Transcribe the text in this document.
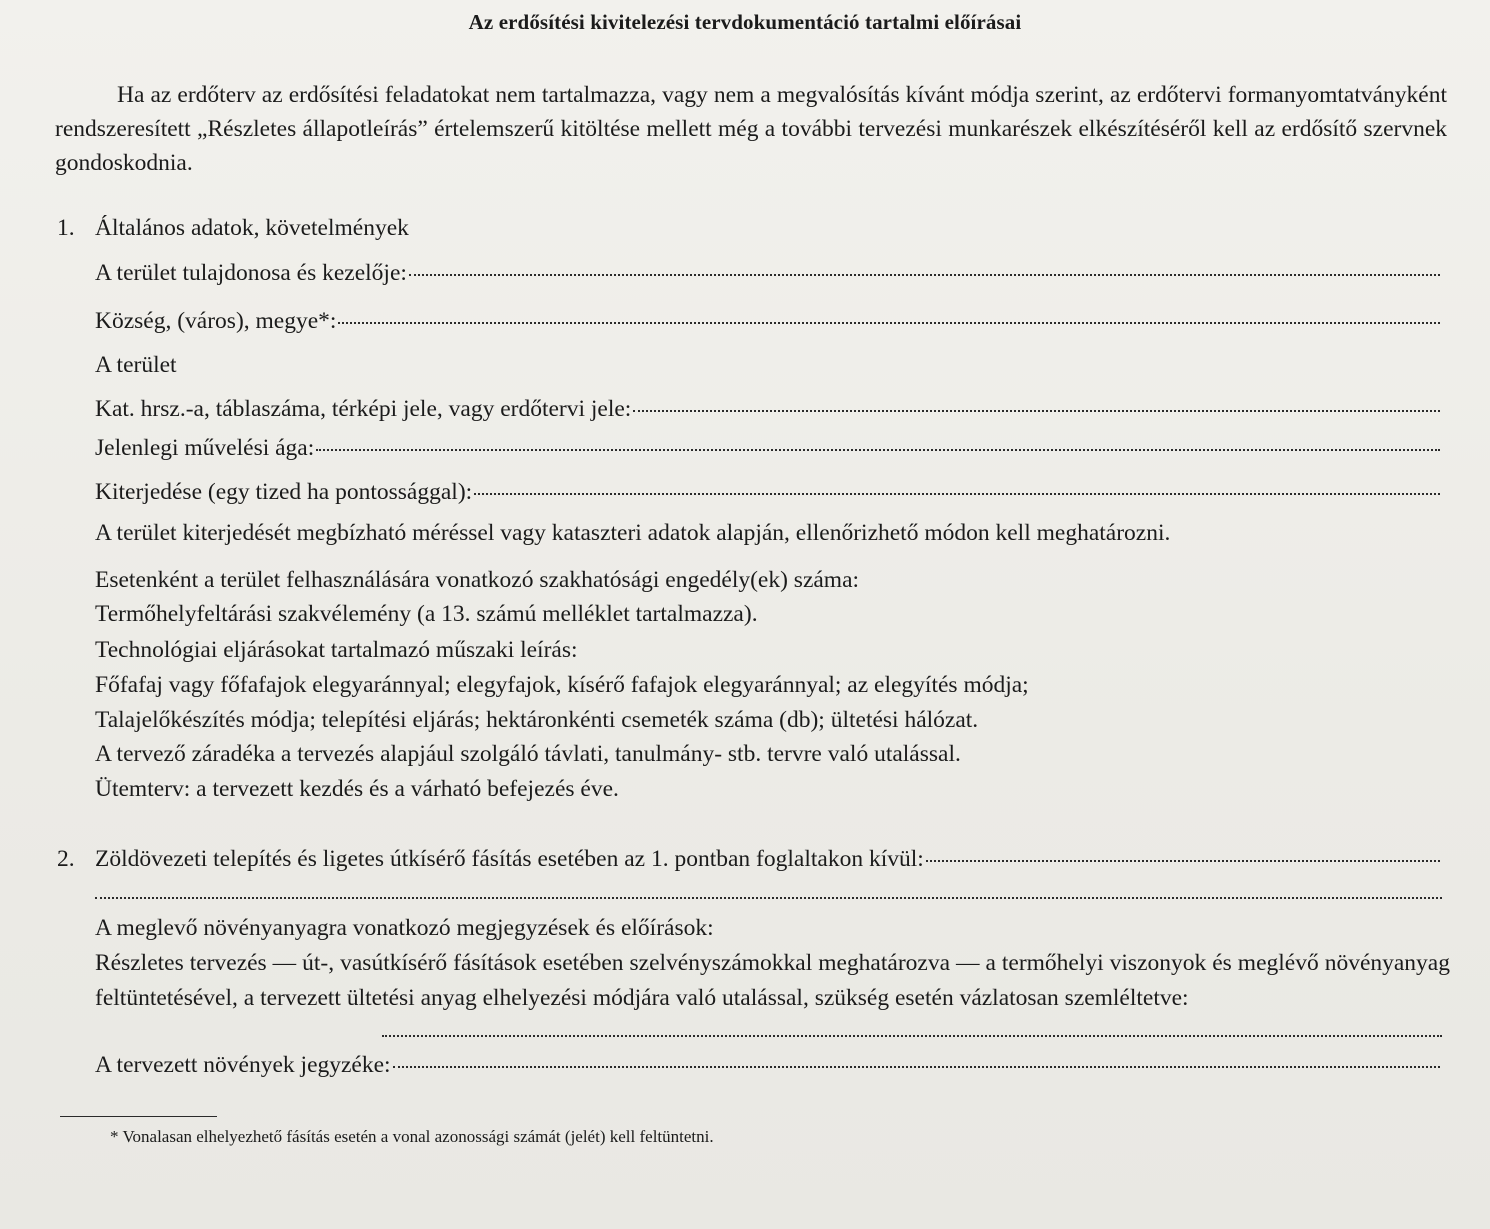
Az erdősítési kivitelezési tervdokumentáció tartalmi előírásai
Ha az erdőterv az erdősítési feladatokat nem tartalmazza, vagy nem a megvalósítás kívánt módja szerint, az erdőtervi formanyomtatványként rendszeresített „Részletes állapotleírás” értelemszerű kitöltése mellett még a további tervezési munkarészek elkészítéséről kell az erdősítő szervnek gondoskodnia.
1. Általános adatok, követelmények
A terület tulajdonosa és kezelője:
Község, (város), megye*:
A terület
Kat. hrsz.-a, táblaszáma, térképi jele, vagy erdőtervi jele:
Jelenlegi művelési ága:
Kiterjedése (egy tized ha pontossággal):
A terület kiterjedését megbízható méréssel vagy kataszteri adatok alapján, ellenőrizhető módon kell meghatározni.
Esetenként a terület felhasználására vonatkozó szakhatósági engedély(ek) száma:
Termőhelyfeltárási szakvélemény (a 13. számú melléklet tartalmazza).
Technológiai eljárásokat tartalmazó műszaki leírás:
Főfafaj vagy főfafajok elegyaránnyal; elegyfajok, kísérő fafajok elegyaránnyal; az elegyítés módja;
Talajelőkészítés módja; telepítési eljárás; hektáronkénti csemeték száma (db); ültetési hálózat.
A tervező záradéka a tervezés alapjául szolgáló távlati, tanulmány- stb. tervre való utalással.
Ütemterv: a tervezett kezdés és a várható befejezés éve.
2. Zöldövezeti telepítés és ligetes útkísérő fásítás esetében az 1. pontban foglaltakon kívül:
A meglevő növényanyagra vonatkozó megjegyzések és előírások:
Részletes tervezés — út-, vasútkísérő fásítások esetében szelvényszámokkal meghatározva — a termőhelyi viszonyok és meglévő növényanyag feltüntetésével, a tervezett ültetési anyag elhelyezési módjára való utalással, szükség esetén vázlatosan szemléltetve:
A tervezett növények jegyzéke:
* Vonalasan elhelyezhető fásítás esetén a vonal azonossági számát (jelét) kell feltüntetni.
